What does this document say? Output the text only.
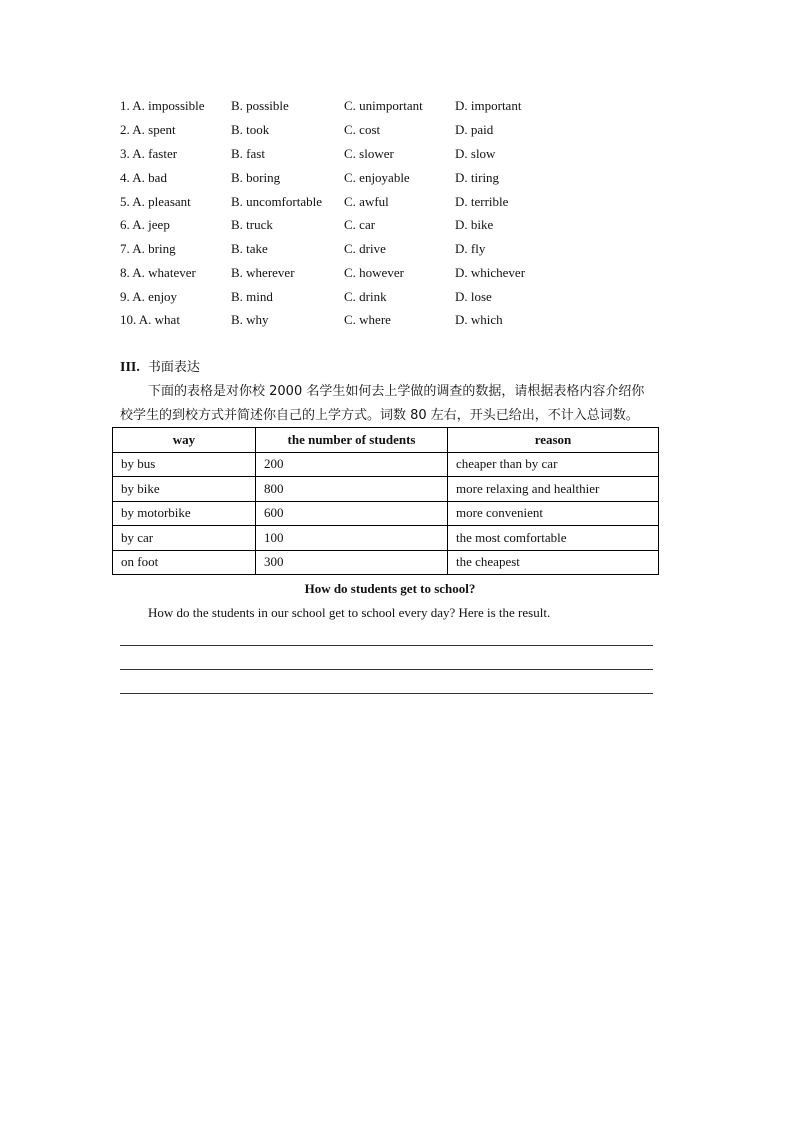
1. A. impossible B. possible	C. unimportant D. important
2. A. spent	B. took	C. cost	D. paid
3. A. faster	B. fast	C. slower	D. slow
4. A. bad	B. boring	C. enjoyable	D. tiring
5. A. pleasant	B. uncomfortable C. awful	D. terrible
6. A. jeep	B. truck	C. car	D. bike
7. A. bring	B. take	C. drive	D. fly
8. A. whatever	B. wherever	C. however	D. whichever
9. A. enjoy	B. mind	C. drink	D. lose
10. A. what	B. why	C. where	D. which
III. 书面表达
下面的表格是对你校 2000 名学生如何去上学做的调查的数据，请根据表格内容介绍你
校学生的到校方式并简述你自己的上学方式。词数 80 左右，开头已给出，不计入总词数。
way	the number of students	reason
by bus	200	cheaper than by car
by bike	800	more relaxing and healthier
by motorbike	600	more convenient
by car	100	the most comfortable
on foot	300	the cheapest
How do students get to school?
How do the students in our school get to school every day? Here is the result.
